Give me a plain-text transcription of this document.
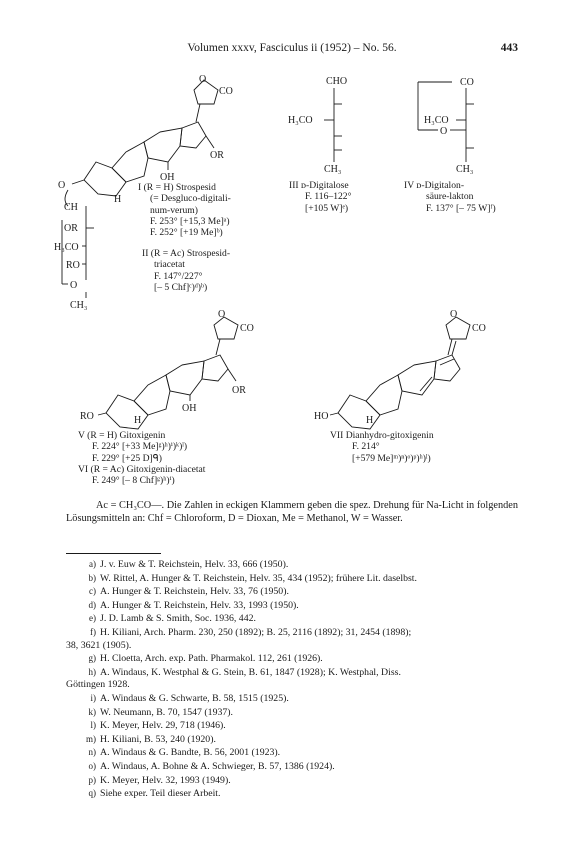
Volumen xxxv, Fasciculus ii (1952) – No. 56.	443
O
CO
OR
OH
O
H
CH
OR
H₃CO
RO
O
CH₃
I (R = H) Strospesid
(= Desgluco-digitali-
num-verum)
F. 253° [+15,3 Me]ᵃ)
F. 252° [+19 Me]ᵇ)
II (R = Ac) Strospesid-
triacetat
F. 147°/227°
[– 5 Chf]ᶜ)ᵈ)ᵇ)
CHO
H₃CO
CH₃
III ᴅ-Digitalose
F. 116–122°
[+105 W]ᵉ)
CO
H₃CO
O
CH₃
IV ᴅ-Digitalon-
säure-lakton
F. 137° [– 75 W]ᶠ)
O
CO
OR
OH
RO	H
V (R = H) Gitoxigenin
F. 224° [+33 Me]ᵍ)ʰ)ⁱ)ᵏ)ˡ)
F. 229° [+25 D]ᑫ)
VI (R = Ac) Gitoxigenin-diacetat
F. 249° [– 8 Chf]ᵍ)ʰ)ⁱ)
O
CO
HO	H
VII Dianhydro-gitoxigenin
F. 214°
[+579 Me]ᵐ)ⁿ)ᵒ)ᵖ)ʰ)ˡ)
Ac = CH₃CO—. Die Zahlen in eckigen Klammern geben die spez. Drehung für Na-Licht in folgenden Lösungsmitteln an: Chf = Chloroform, D = Dioxan, Me = Methanol, W = Wasser.
a) J. v. Euw & T. Reichstein, Helv. 33, 666 (1950).
b) W. Rittel, A. Hunger & T. Reichstein, Helv. 35, 434 (1952); frühere Lit. daselbst.
c) A. Hunger & T. Reichstein, Helv. 33, 76 (1950).
d) A. Hunger & T. Reichstein, Helv. 33, 1993 (1950).
e) J. D. Lamb & S. Smith, Soc. 1936, 442.
f) H. Kiliani, Arch. Pharm. 230, 250 (1892); B. 25, 2116 (1892); 31, 2454 (1898);
38, 3621 (1905).
g) H. Cloetta, Arch. exp. Path. Pharmakol. 112, 261 (1926).
h) A. Windaus, K. Westphal & G. Stein, B. 61, 1847 (1928); K. Westphal, Diss.
Göttingen 1928.
i) A. Windaus & G. Schwarte, B. 58, 1515 (1925).
k) W. Neumann, B. 70, 1547 (1937).
l) K. Meyer, Helv. 29, 718 (1946).
m) H. Kiliani, B. 53, 240 (1920).
n) A. Windaus & G. Bandte, B. 56, 2001 (1923).
o) A. Windaus, A. Bohne & A. Schwieger, B. 57, 1386 (1924).
p) K. Meyer, Helv. 32, 1993 (1949).
q) Siehe exper. Teil dieser Arbeit.
